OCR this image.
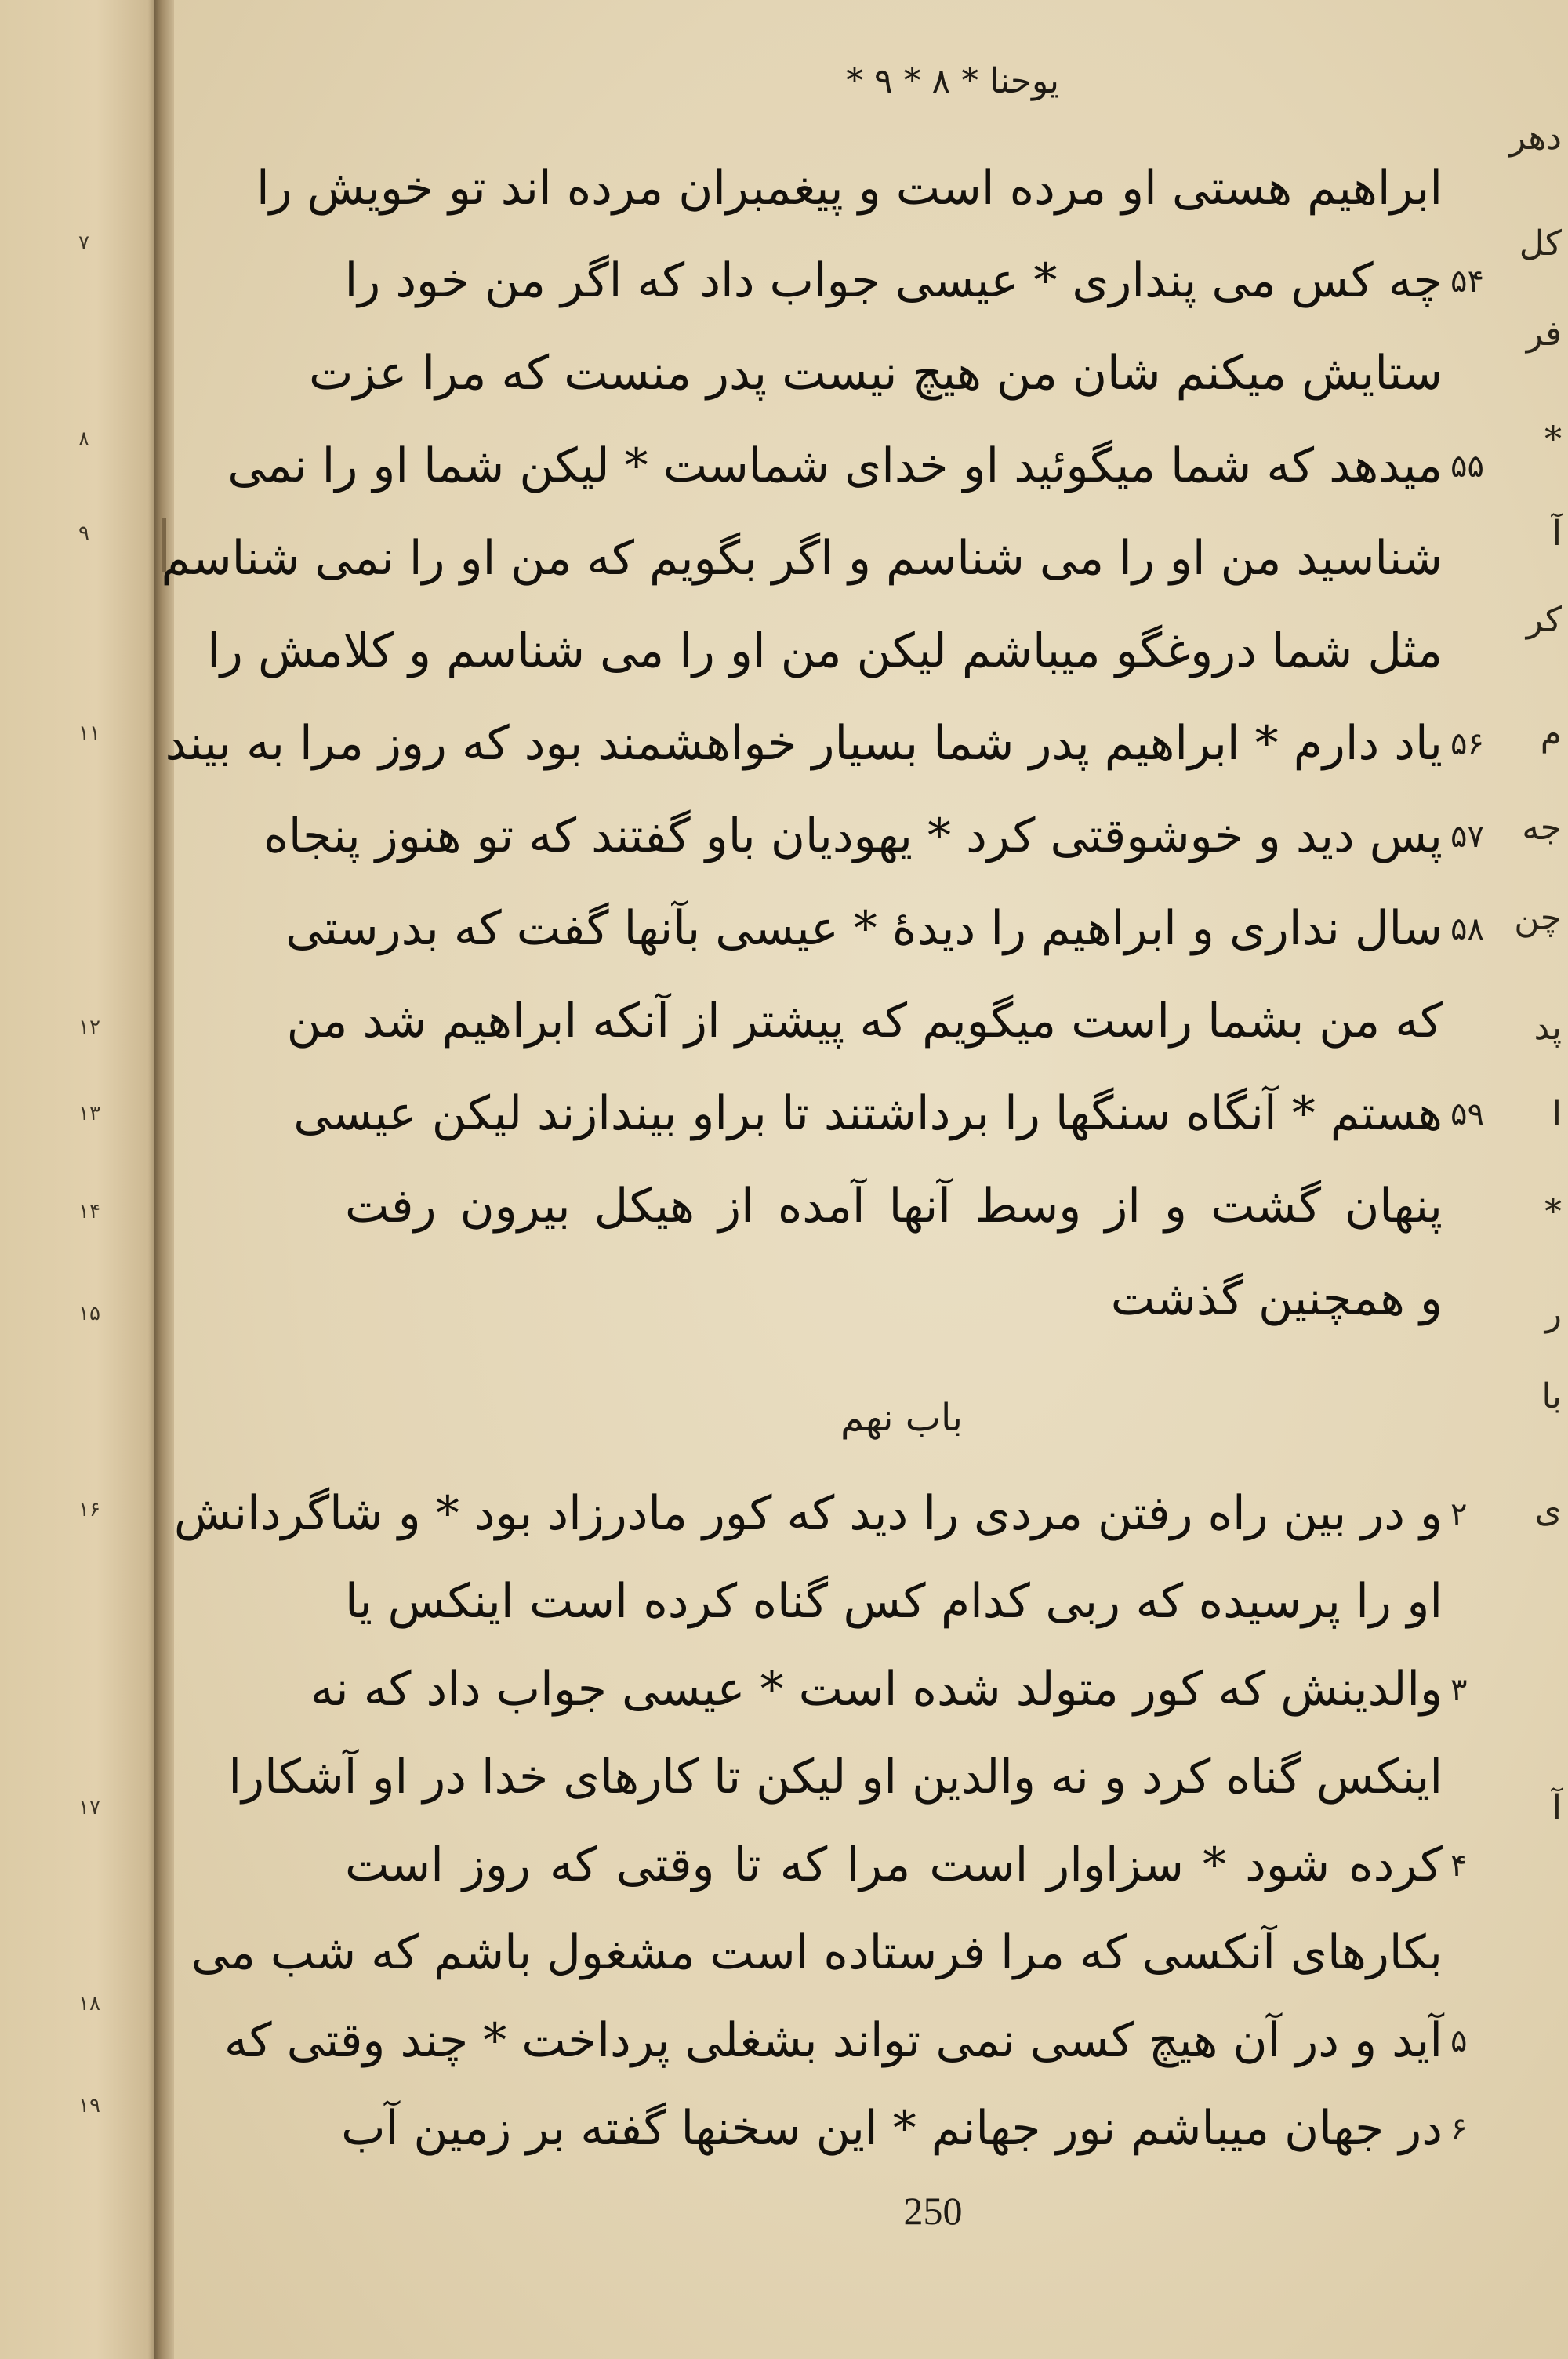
دهر
کل
۷
فر
*
۸
آ
۹
کر
م
۱۱
جه
چن
پد
۱۲
ا
۱۳
*
۱۴
ر
۱۵
با
ی
۱۶
آ
۱۷
۱۸
۱۹
یوحنا * ۸ * ۹ *
ابراهیم هستی او مرده است و پیغمبران مرده اند تو خویش را
چه کس می پنداری * عیسی جواب داد که اگر من خود را ۵۴
ستایش میکنم شان من هیچ نیست پدر منست که مرا عزت
میدهد که شما میگوئید او خدای شماست * لیکن شما او را نمی ۵۵
شناسید من او را می شناسم و اگر بگویم که من او را نمی شناسم
مثل شما دروغگو میباشم لیکن من او را می شناسم و کلامش را
یاد دارم * ابراهیم پدر شما بسیار خواهشمند بود که روز مرا به بیند ۵۶
پس دید و خوشوقتی کرد * یهودیان باو گفتند که تو هنوز پنجاه ۵۷
سال نداری و ابراهیم را دیدهٔ * عیسی بآنها گفت که بدرستی ۵۸
که من بشما راست میگویم که پیشتر از آنکه ابراهیم شد من
هستم * آنگاه سنگها را برداشتند تا براو بیندازند لیکن عیسی ۵۹
پنهان گشت و از وسط آنها آمده از هیکل بیرون رفت
و همچنین گذشت
باب نهم
و در بین راه رفتن مردی را دید که کور مادرزاد بود * و شاگردانش ۲
او را پرسیده که ربی کدام کس گناه کرده است اینکس یا
والدینش که کور متولد شده است * عیسی جواب داد که نه ۳
اینکس گناه کرد و نه والدین او لیکن تا کارهای خدا در او آشکارا
کرده شود * سزاوار است مرا که تا وقتی که روز است ۴
بکارهای آنکسی که مرا فرستاده است مشغول باشم که شب می
آید و در آن هیچ کسی نمی تواند بشغلی پرداخت * چند وقتی که ۵
در جهان میباشم نور جهانم * این سخنها گفته بر زمین آب ۶
250
